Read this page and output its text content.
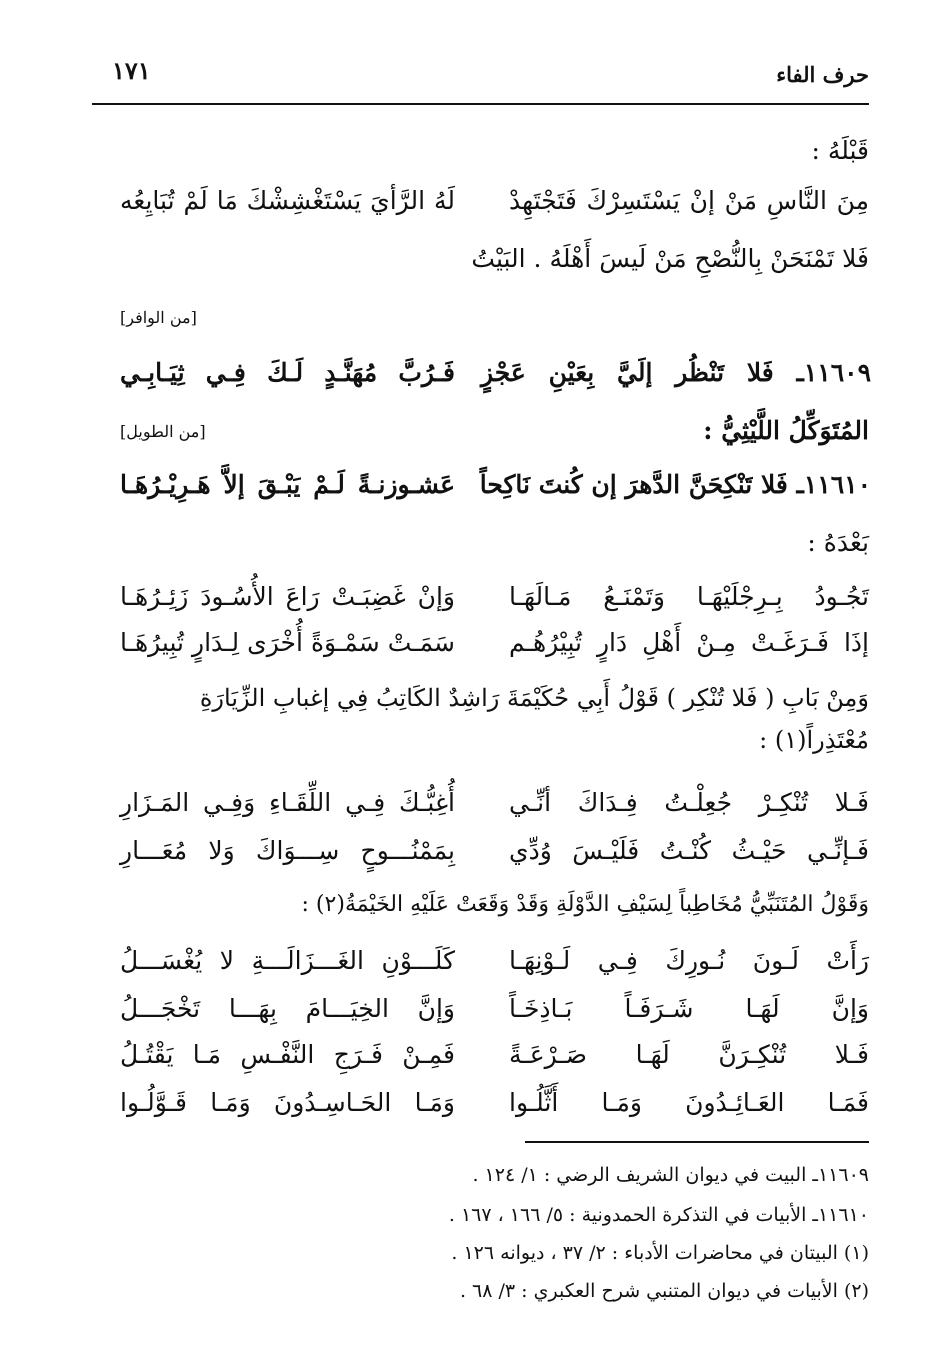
حرف الفاء
١٧١
قَبْلَهُ :
مِنَ النَّاسِ مَنْ إنْ يَسْتَسِرْكَ فَتَجْتَهِدْ
لَهُ الرَّأيَ يَسْتَغْشِشْكَ مَا لَمْ تُبَايِعُه
فَلا تَمْنَحَنْ بِالنُّصْحِ مَنْ لَيسَ أَهْلَهُ . البَيْتُ
[من الوافر]
١١٦٠٩ـ فَلا تَنْظُر إلَيَّ بِعَيْنِ عَجْزٍ
فَـرُبَّ مُهَنَّـدٍ لَـكَ فِـي ثِيَـابِـي
المُتَوَكِّلُ اللَّيْثِيُّ :
[من الطويل]
١١٦١٠ـ فَلا تَنْكِحَنَّ الدَّهرَ إن كُنتَ نَاكِحاً
عَشـوزنـةً لَـمْ يَبْـقَ إلاَّ هَـرِيْـرُهَـا
بَعْدَهُ :
تَجُـودُ بِـرِجْلَيْهَـا وَتَمْنَـعُ مَـالَهَـا
وَإنْ غَضِبَـتْ رَاعَ الأُسُـودَ زَئِـرُهَـا
إذَا فَـرَغَـتْ مِـنْ أَهْلِ دَارٍ تُبِيْرُهُـم
سَمَـتْ سَمْـوَةً أُخْرَى لِـدَارٍ تُبِيرُهَـا
وَمِنْ بَابِ ( فَلا تُنْكِر ) قَوْلُ أَبِي حُكَيْمَةَ رَاشِدٌ الكَاتِبُ فِي إغبابِ الزِّيَارَةِ
مُعْتَذِراً(١) :
فَـلا تُنْكِـرْ جُعِلْـتُ فِـدَاكَ أنِّـي
أُغِبُّـكَ فِـي اللِّقَـاءِ وَفِـي المَـزَارِ
فَـإنِّـي حَيْـثُ كُنْـتُ فَلَيْـسَ وُدِّي
بِمَمْنُـــوحٍ سِـــوَاكَ وَلا مُعَـــارِ
وَقَوْلُ المُتَنَبِّيُّ مُخَاطِباً لِسَيْفِ الدَّوْلَةِ وَقَدْ وَقَعَتْ عَلَيْهِ الخَيْمَةُ(٢) :
رَأَتْ لَـونَ نُـورِكَ فِـي لَـوْنِهَـا
كَلَـــوْنِ الغَـــزَالَـــةِ لا يُغْسَـــلُ
وَإنَّ لَهَـا شَـرَفَـاً بَـاذِخَـاً
وَإنَّ الخِيَـــامَ بِهَـــا تَخْجَـــلُ
فَـلا تُنْكِـرَنَّ لَهَـا صَـرْعَـةً
فَمِـنْ فَـرَجِ النَّفْـسِ مَـا يَقْتُـلُ
فَمَـا العَـائِـدُونَ وَمَـا أَثَّلُـوا
وَمَـا الحَـاسِـدُونَ وَمَـا قَـوَّلُـوا
١١٦٠٩ـ البيت في ديوان الشريف الرضي : ١/ ١٢٤ .
١١٦١٠ـ الأبيات في التذكرة الحمدونية : ٥/ ١٦٦ ، ١٦٧ .
(١) البيتان في محاضرات الأدباء : ٢/ ٣٧ ، ديوانه ١٢٦ .
(٢) الأبيات في ديوان المتنبي شرح العكبري : ٣/ ٦٨ .
